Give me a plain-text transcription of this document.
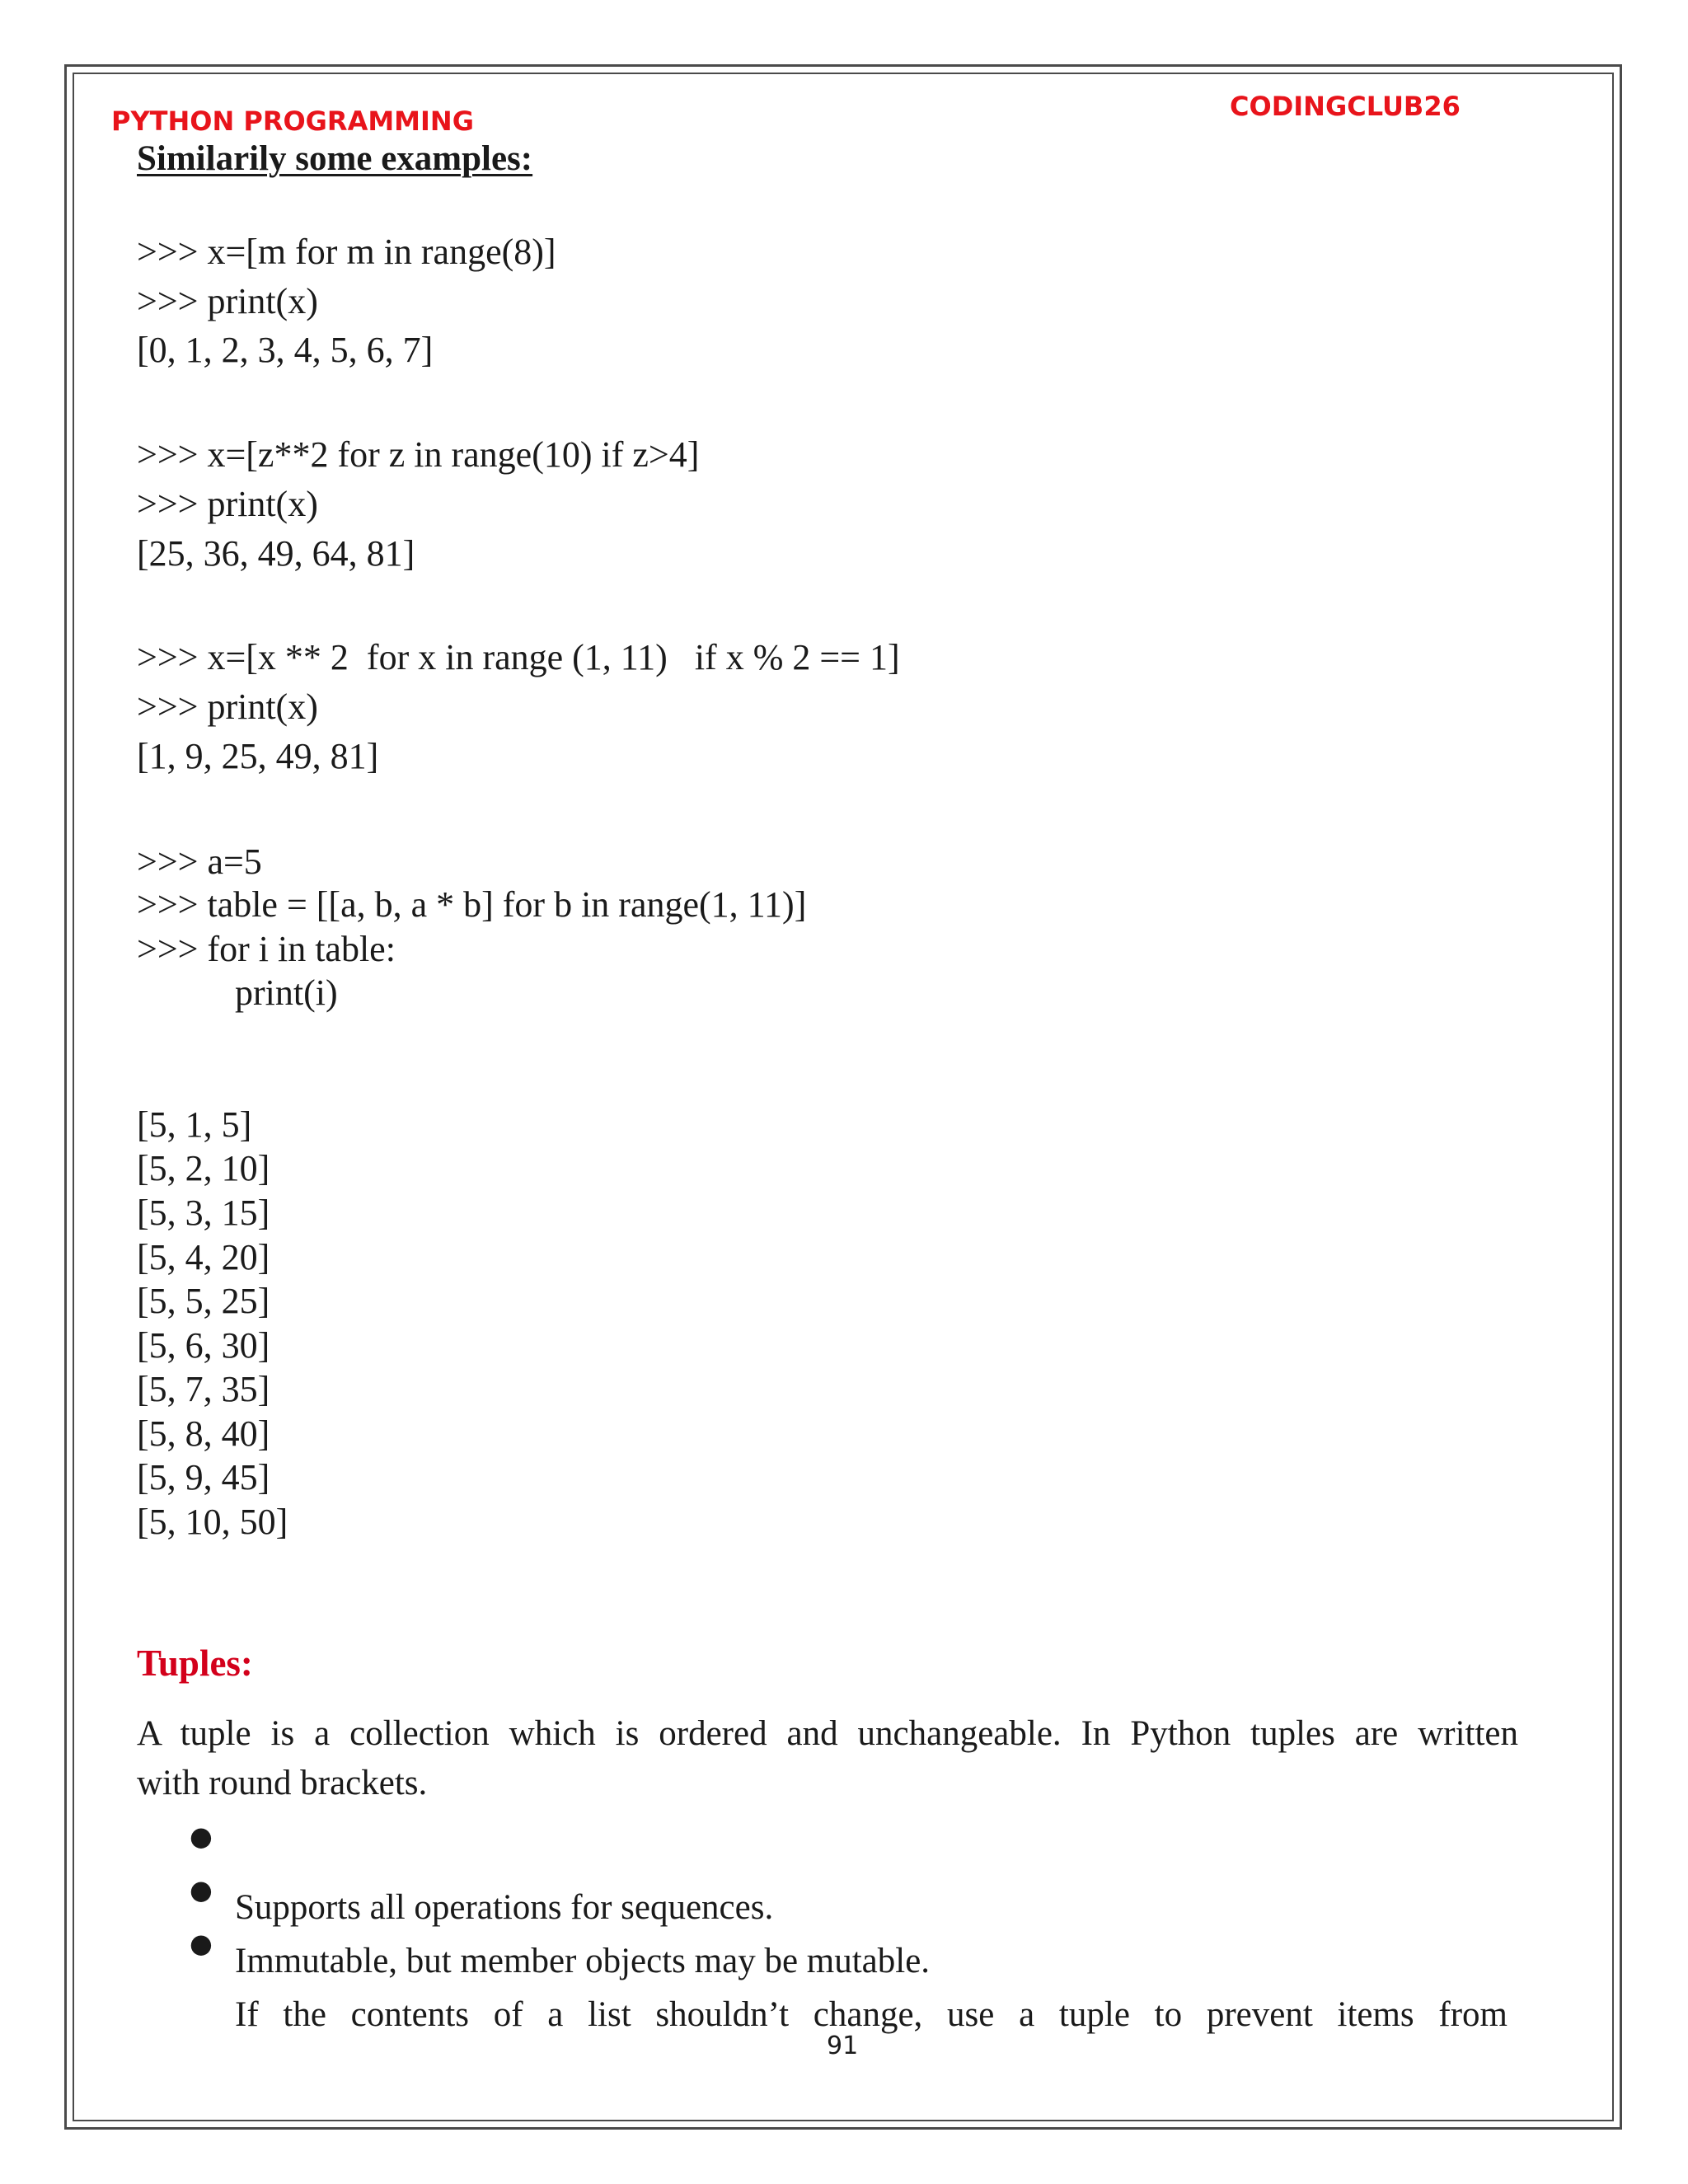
PYTHON PROGRAMMING	CODINGCLUB26
Similarily some examples:
>>> x=[m for m in range(8)]
>>> print(x)
[0, 1, 2, 3, 4, 5, 6, 7]
>>> x=[z**2 for z in range(10) if z>4]
>>> print(x)
[25, 36, 49, 64, 81]
>>> x=[x ** 2  for x in range (1, 11)   if x % 2 == 1]
>>> print(x)
[1, 9, 25, 49, 81]
>>> a=5
>>> table = [[a, b, a * b] for b in range(1, 11)]
>>> for i in table:
print(i)
[5, 1, 5]
[5, 2, 10]
[5, 3, 15]
[5, 4, 20]
[5, 5, 25]
[5, 6, 30]
[5, 7, 35]
[5, 8, 40]
[5, 9, 45]
[5, 10, 50]
Tuples:
A tuple is a collection which is ordered and unchangeable. In Python tuples are written
with round brackets.

●

Supports all operations for sequences.

●

Immutable, but member objects may be mutable.

●

If the contents of a list shouldn’t change, use a tuple to prevent items from

91
